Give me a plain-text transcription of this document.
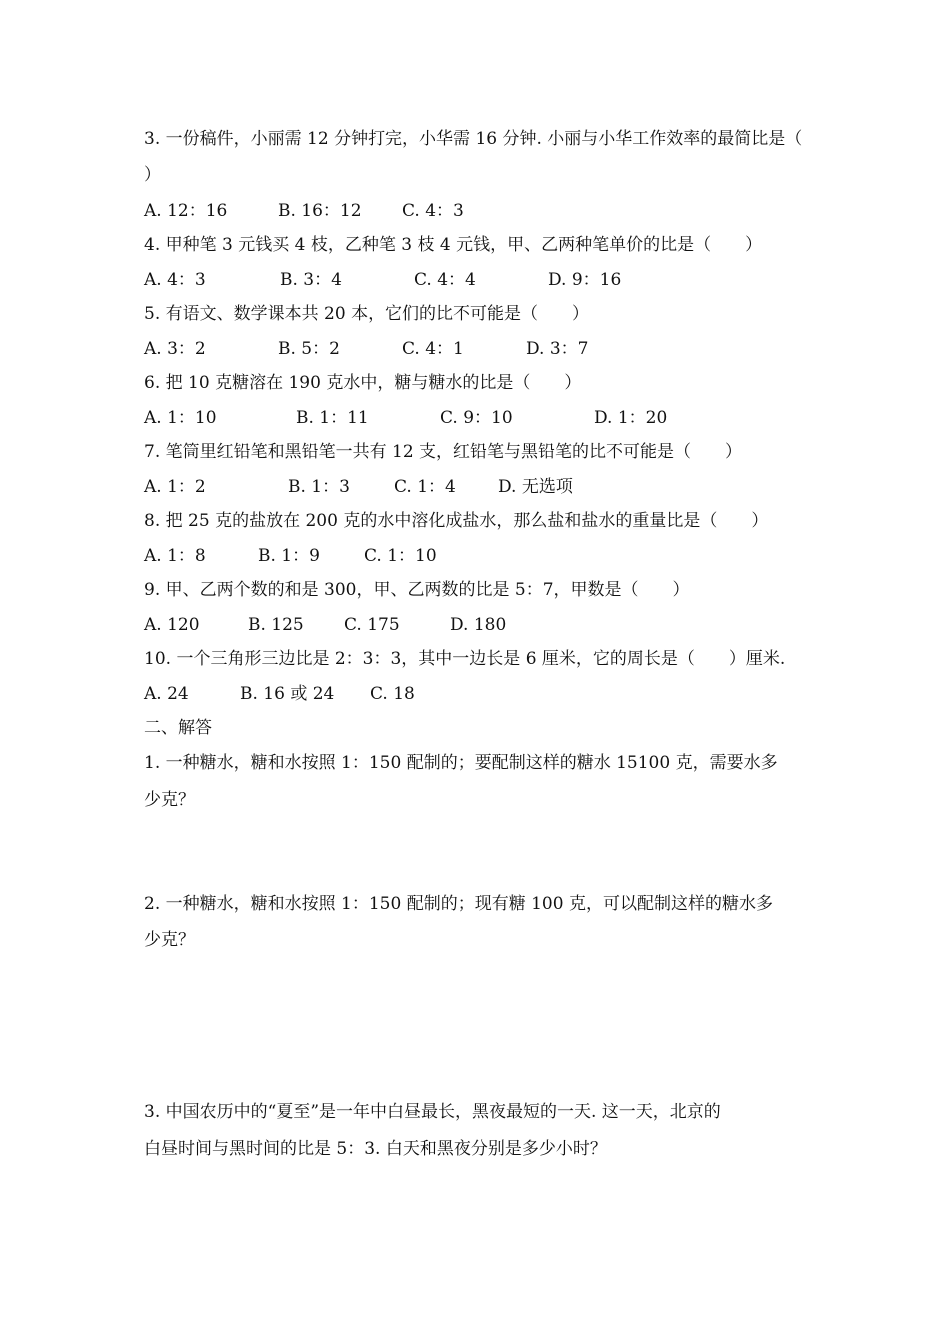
3. 一份稿件，小丽需 12 分钟打完，小华需 16 分钟. 小丽与小华工作效率的最简比是（
）
A. 12：16	B. 16：12 C. 4：3
4. 甲种笔 3 元钱买 4 枝，乙种笔 3 枝 4 元钱，甲、乙两种笔单价的比是（　　）
A. 4：3	B. 3：4	C. 4：4	D. 9：16
5. 有语文、数学课本共 20 本，它们的比不可能是（　　）
A. 3：2	B. 5：2	C. 4：1	D. 3：7
6. 把 10 克糖溶在 190 克水中，糖与糖水的比是（　　）
A. 1：10	B. 1：11	C. 9：10	D. 1：20
7. 笔筒里红铅笔和黑铅笔一共有 12 支，红铅笔与黑铅笔的比不可能是（　　）
A. 1：2	B. 1：3	C. 1：4 D. 无选项
8. 把 25 克的盐放在 200 克的水中溶化成盐水，那么盐和盐水的重量比是（　　）
A. 1：8	B. 1：9	C. 1：10
9. 甲、乙两个数的和是 300，甲、乙两数的比是 5：7，甲数是（　　）
A. 120	B. 125 C. 175	D. 180
10. 一个三角形三边比是 2：3：3，其中一边长是 6 厘米，它的周长是（　　）厘米.
A. 24	B. 16 或 24 C. 18
二、解答
1. 一种糖水，糖和水按照 1：150 配制的；要配制这样的糖水 15100 克，需要水多
少克？
2. 一种糖水，糖和水按照 1：150 配制的；现有糖 100 克，可以配制这样的糖水多
少克？
3. 中国农历中的“夏至”是一年中白昼最长，黑夜最短的一天. 这一天，北京的
白昼时间与黑时间的比是 5：3. 白天和黑夜分别是多少小时？
